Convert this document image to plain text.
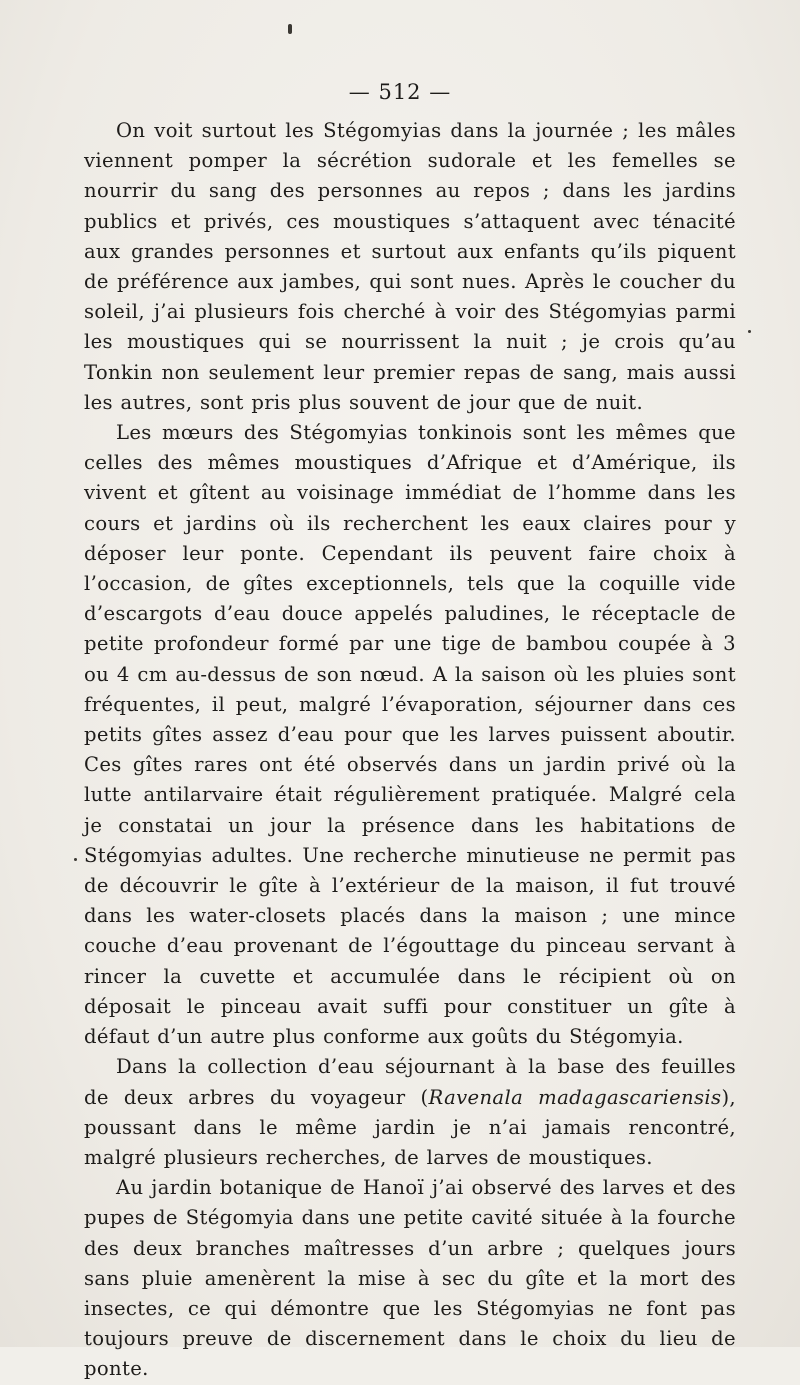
— 512 —

On voit surtout les Stégomyias dans la journée ; les mâles viennent pomper la sécrétion sudorale et les femelles se nourrir du sang des personnes au repos ; dans les jardins publics et privés, ces moustiques s’attaquent avec ténacité aux grandes personnes et surtout aux enfants qu’ils piquent de préférence aux jambes, qui sont nues. Après le coucher du soleil, j’ai plusieurs fois cherché à voir des Stégomyias parmi les moustiques qui se nourrissent la nuit ; je crois qu’au Tonkin non seulement leur premier repas de sang, mais aussi les autres, sont pris plus souvent de jour que de nuit.

Les mœurs des Stégomyias tonkinois sont les mêmes que celles des mêmes moustiques d’Afrique et d’Amérique, ils vivent et gîtent au voisinage immédiat de l’homme dans les cours et jardins où ils recherchent les eaux claires pour y déposer leur ponte. Cependant ils peuvent faire choix à l’occasion, de gîtes exceptionnels, tels que la coquille vide d’escargots d’eau douce appelés paludines, le réceptacle de petite profondeur formé par une tige de bambou coupée à 3 ou 4 cm au-dessus de son nœud. A la saison où les pluies sont fréquentes, il peut, malgré l’évaporation, séjourner dans ces petits gîtes assez d’eau pour que les larves puissent aboutir. Ces gîtes rares ont été observés dans un jardin privé où la lutte antilarvaire était régulièrement pratiquée. Malgré cela je constatai un jour la présence dans les habitations de Stégomyias adultes. Une recherche minutieuse ne permit pas de découvrir le gîte à l’extérieur de la maison, il fut trouvé dans les water-closets placés dans la maison ; une mince couche d’eau provenant de l’égouttage du pinceau servant à rincer la cuvette et accumulée dans le récipient où on déposait le pinceau avait suffi pour constituer un gîte à défaut d’un autre plus conforme aux goûts du Stégomyia.

Dans la collection d’eau séjournant à la base des feuilles de deux arbres du voyageur (Ravenala madagascariensis), poussant dans le même jardin je n’ai jamais rencontré, malgré plusieurs recherches, de larves de moustiques.

Au jardin botanique de Hanoï j’ai observé des larves et des pupes de Stégomyia dans une petite cavité située à la fourche des deux branches maîtresses d’un arbre ; quelques jours sans pluie amenèrent la mise à sec du gîte et la mort des insectes, ce qui démontre que les Stégomyias ne font pas toujours preuve de discernement dans le choix du lieu de ponte.
